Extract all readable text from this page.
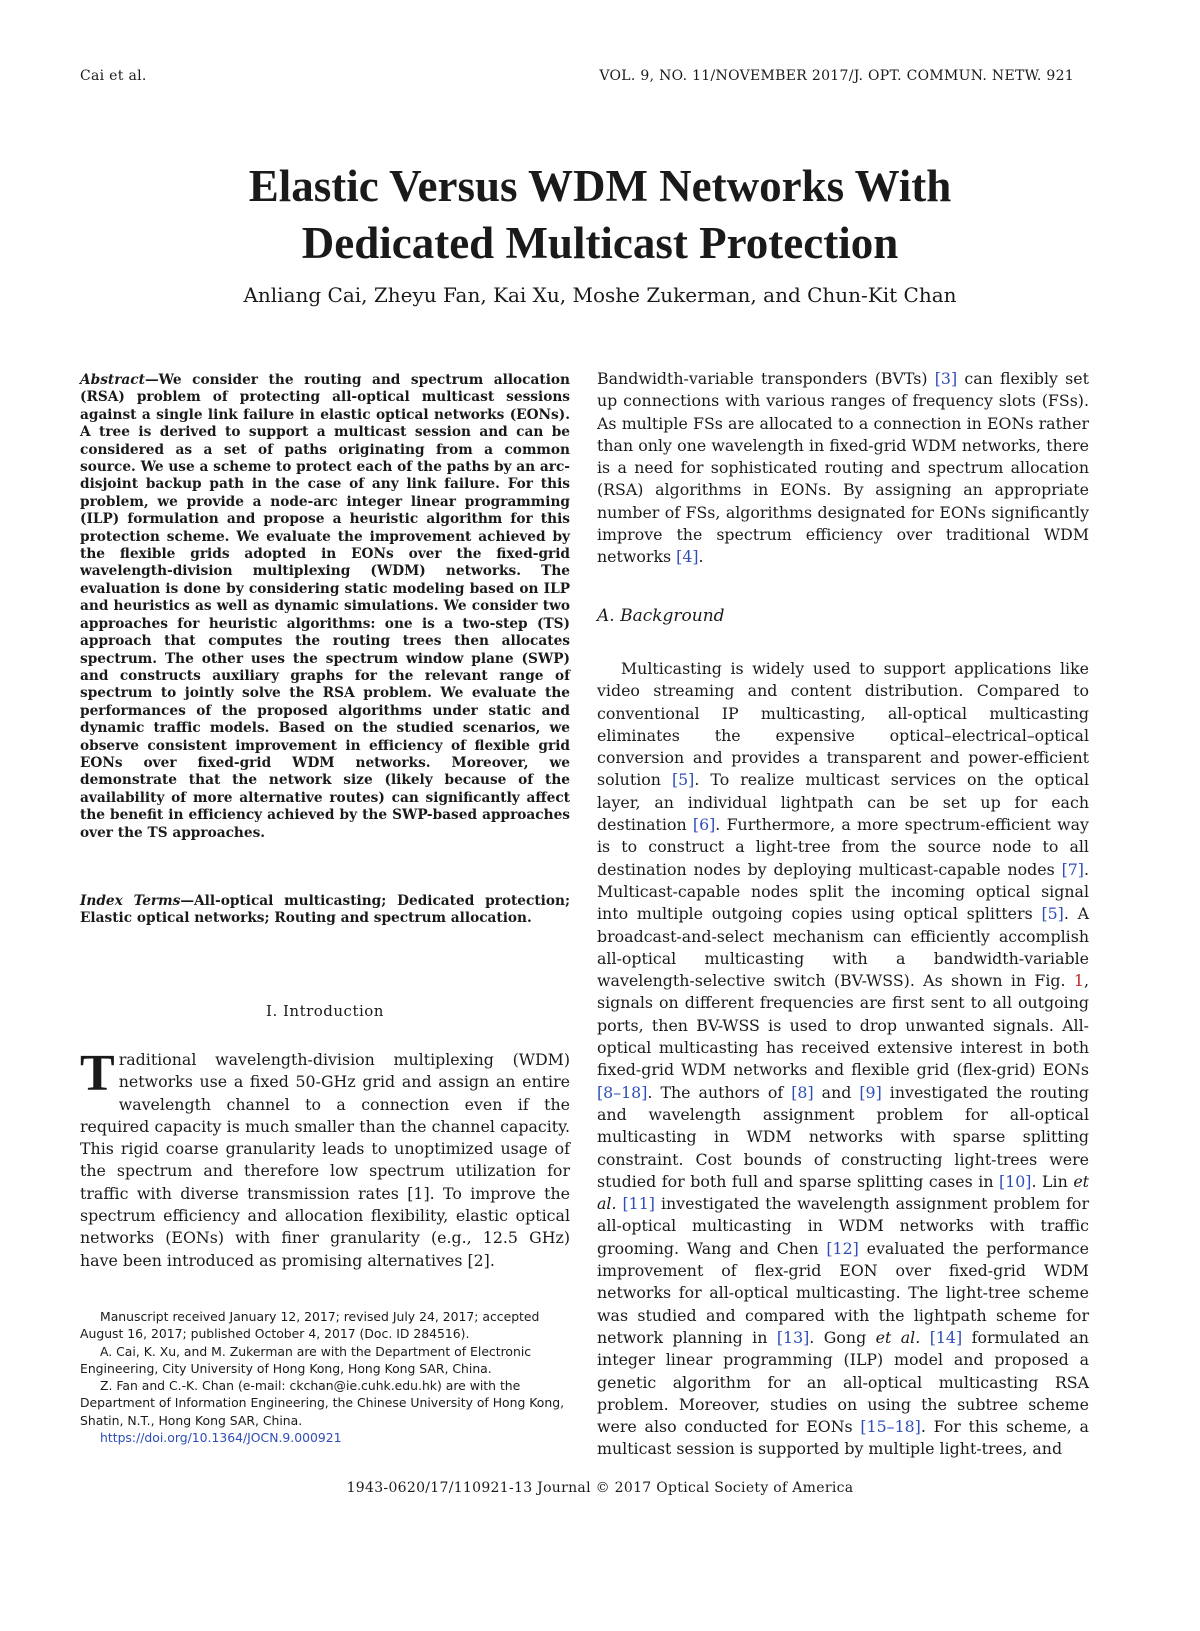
Cai et al.	VOL. 9, NO. 11/NOVEMBER 2017/J. OPT. COMMUN. NETW. 921
Elastic Versus WDM Networks With
Dedicated Multicast Protection
Anliang Cai, Zheyu Fan, Kai Xu, Moshe Zukerman, and Chun-Kit Chan
Abstract—We consider the routing and spectrum allocation (RSA) problem of protecting all-optical multicast sessions against a single link failure in elastic optical networks (EONs). A tree is derived to support a multicast session and can be considered as a set of paths originating from a common source. We use a scheme to protect each of the paths by an arc-disjoint backup path in the case of any link failure. For this problem, we provide a node-arc integer linear programming (ILP) formulation and propose a heuristic algorithm for this protection scheme. We evaluate the improvement achieved by the flexible grids adopted in EONs over the fixed-grid wavelength-division multiplexing (WDM) networks. The evaluation is done by considering static modeling based on ILP and heuristics as well as dynamic simulations. We consider two approaches for heuristic algorithms: one is a two-step (TS) approach that computes the routing trees then allocates spectrum. The other uses the spectrum window plane (SWP) and constructs auxiliary graphs for the relevant range of spectrum to jointly solve the RSA problem. We evaluate the performances of the proposed algorithms under static and dynamic traffic models. Based on the studied scenarios, we observe consistent improvement in efficiency of flexible grid EONs over fixed-grid WDM networks. Moreover, we demonstrate that the network size (likely because of the availability of more alternative routes) can significantly affect the benefit in efficiency achieved by the SWP-based approaches over the TS approaches.
Index Terms—All-optical multicasting; Dedicated protection; Elastic optical networks; Routing and spectrum allocation.
I. Introduction

Traditional wavelength-division multiplexing (WDM) networks use a fixed 50-GHz grid and assign an entire wavelength channel to a connection even if the required capacity is much smaller than the channel capacity. This rigid coarse granularity leads to unoptimized usage of the spectrum and therefore low spectrum utilization for traffic with diverse transmission rates [1]. To improve the spectrum efficiency and allocation flexibility, elastic optical networks (EONs) with finer granularity (e.g., 12.5 GHz) have been introduced as promising alternatives [2].

Manuscript received January 12, 2017; revised July 24, 2017; accepted August 16, 2017; published October 4, 2017 (Doc. ID 284516).

A. Cai, K. Xu, and M. Zukerman are with the Department of Electronic Engineering, City University of Hong Kong, Hong Kong SAR, China.

Z. Fan and C.-K. Chan (e-mail: ckchan@ie.cuhk.edu.hk) are with the Department of Information Engineering, the Chinese University of Hong Kong, Shatin, N.T., Hong Kong SAR, China.

https://doi.org/10.1364/JOCN.9.000921

Bandwidth-variable transponders (BVTs) [3] can flexibly set up connections with various ranges of frequency slots (FSs). As multiple FSs are allocated to a connection in EONs rather than only one wavelength in fixed-grid WDM networks, there is a need for sophisticated routing and spectrum allocation (RSA) algorithms in EONs. By assigning an appropriate number of FSs, algorithms designated for EONs significantly improve the spectrum efficiency over traditional WDM networks [4].

A. Background

Multicasting is widely used to support applications like video streaming and content distribution. Compared to conventional IP multicasting, all-optical multicasting eliminates the expensive optical–electrical–optical conversion and provides a transparent and power-efficient solution [5]. To realize multicast services on the optical layer, an individual lightpath can be set up for each destination [6]. Furthermore, a more spectrum-efficient way is to construct a light-tree from the source node to all destination nodes by deploying multicast-capable nodes [7]. Multicast-capable nodes split the incoming optical signal into multiple outgoing copies using optical splitters [5]. A broadcast-and-select mechanism can efficiently accomplish all-optical multicasting with a bandwidth-variable wavelength-selective switch (BV-WSS). As shown in Fig. 1, signals on different frequencies are first sent to all outgoing ports, then BV-WSS is used to drop unwanted signals. All-optical multicasting has received extensive interest in both fixed-grid WDM networks and flexible grid (flex-grid) EONs [8–18]. The authors of [8] and [9] investigated the routing and wavelength assignment problem for all-optical multicasting in WDM networks with sparse splitting constraint. Cost bounds of constructing light-trees were studied for both full and sparse splitting cases in [10]. Lin et al. [11] investigated the wavelength assignment problem for all-optical multicasting in WDM networks with traffic grooming. Wang and Chen [12] evaluated the performance improvement of flex-grid EON over fixed-grid WDM networks for all-optical multicasting. The light-tree scheme was studied and compared with the lightpath scheme for network planning in [13]. Gong et al. [14] formulated an integer linear programming (ILP) model and proposed a genetic algorithm for an all-optical multicasting RSA problem. Moreover, studies on using the subtree scheme were also conducted for EONs [15–18]. For this scheme, a multicast session is supported by multiple light-trees, and

1943-0620/17/110921-13 Journal © 2017 Optical Society of America
